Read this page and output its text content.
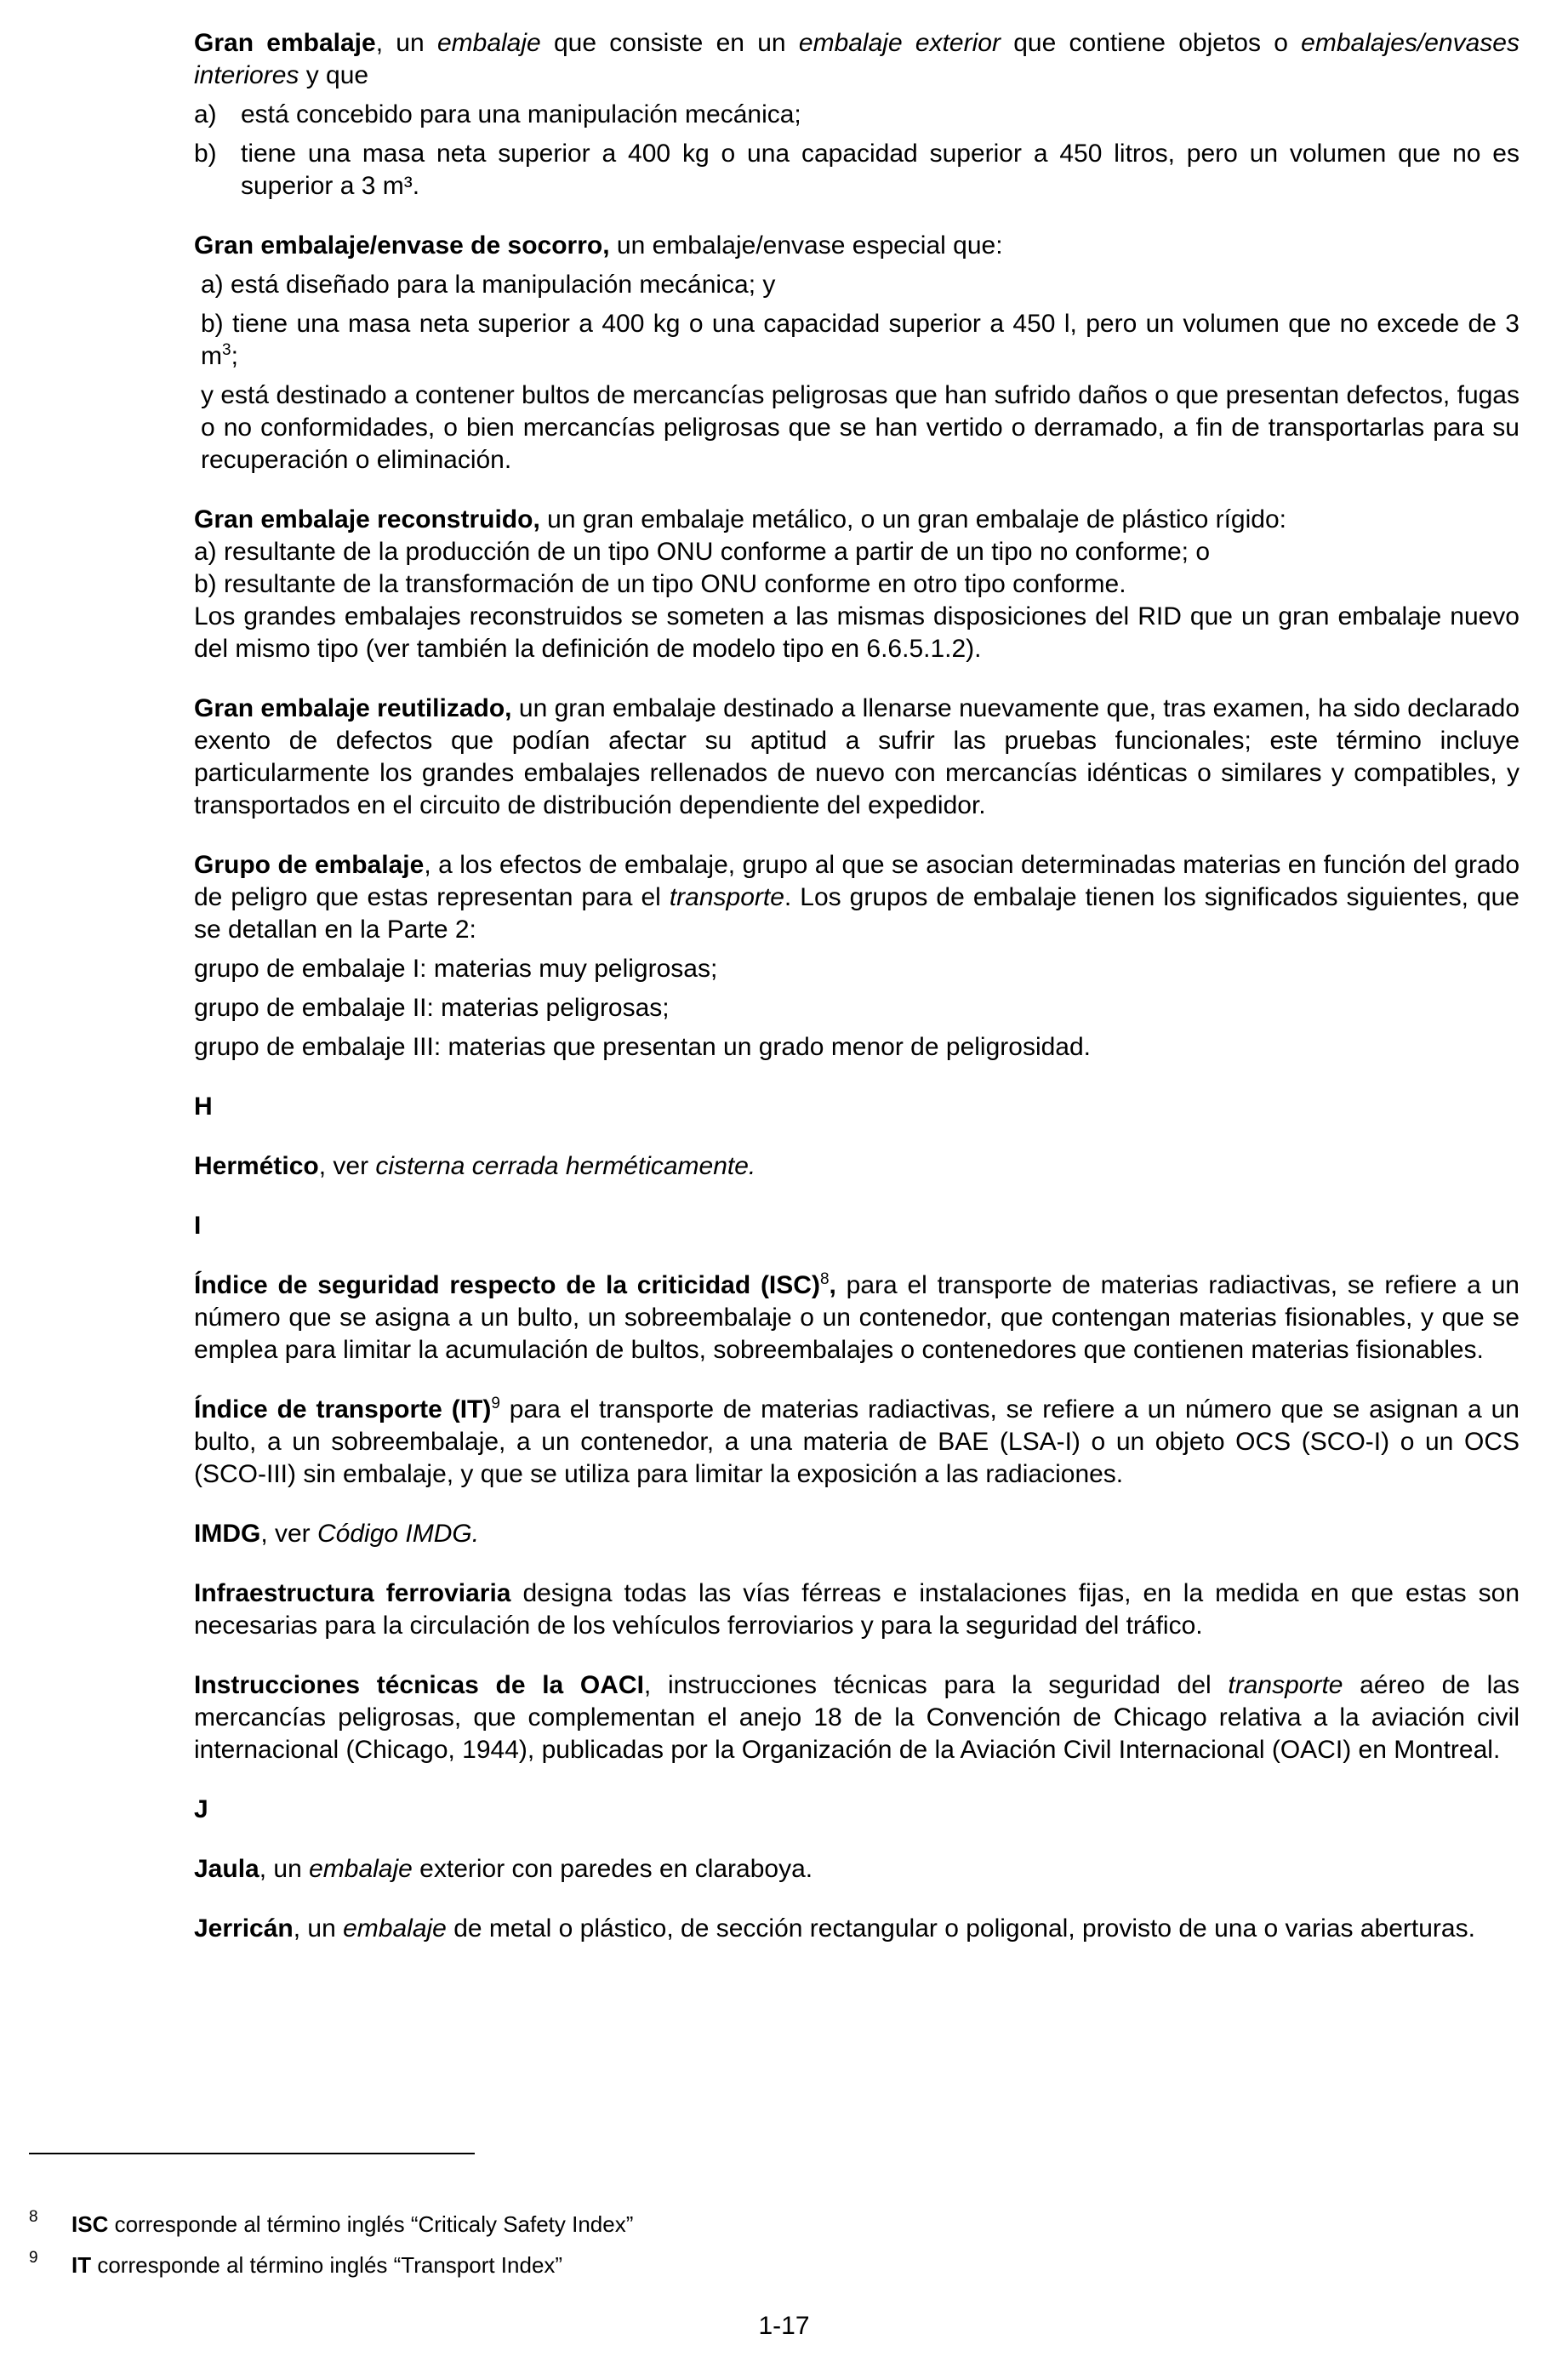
Gran embalaje, un embalaje que consiste en un embalaje exterior que contiene objetos o embalajes/envases interiores y que

a) está concebido para una manipulación mecánica;
b) tiene una masa neta superior a 400 kg o una capacidad superior a 450 litros, pero un volumen que no es superior a 3 m³.

Gran embalaje/envase de socorro, un embalaje/envase especial que:

a) está diseñado para la manipulación mecánica; y

b) tiene una masa neta superior a 400 kg o una capacidad superior a 450 l, pero un volumen que no excede de 3 $m^3$;

y está destinado a contener bultos de mercancías peligrosas que han sufrido daños o que presentan defectos, fugas o no conformidades, o bien mercancías peligrosas que se han vertido o derramado, a fin de transportarlas para su recuperación o eliminación.

Gran embalaje reconstruido, un gran embalaje metálico, o un gran embalaje de plástico rígido:

a) resultante de la producción de un tipo ONU conforme a partir de un tipo no conforme; o

b) resultante de la transformación de un tipo ONU conforme en otro tipo conforme.

Los grandes embalajes reconstruidos se someten a las mismas disposiciones del RID que un gran embalaje nuevo del mismo tipo (ver también la definición de modelo tipo en 6.6.5.1.2).

Gran embalaje reutilizado, un gran embalaje destinado a llenarse nuevamente que, tras examen, ha sido declarado exento de defectos que podían afectar su aptitud a sufrir las pruebas funcionales; este término incluye particularmente los grandes embalajes rellenados de nuevo con mercancías idénticas o similares y compatibles, y transportados en el circuito de distribución dependiente del expedidor.

Grupo de embalaje, a los efectos de embalaje, grupo al que se asocian determinadas materias en función del grado de peligro que estas representan para el transporte. Los grupos de embalaje tienen los significados siguientes, que se detallan en la Parte 2:

grupo de embalaje I: materias muy peligrosas;

grupo de embalaje II: materias peligrosas;

grupo de embalaje III: materias que presentan un grado menor de peligrosidad.

H

Hermético, ver cisterna cerrada herméticamente.

I

Índice de seguridad respecto de la criticidad (ISC)$^8$, para el transporte de materias radiactivas, se refiere a un número que se asigna a un bulto, un sobreembalaje o un contenedor, que contengan materias fisionables, y que se emplea para limitar la acumulación de bultos, sobreembalajes o contenedores que contienen materias fisionables.

Índice de transporte (IT)$^9$ para el transporte de materias radiactivas, se refiere a un número que se asignan a un bulto, a un sobreembalaje, a un contenedor, a una materia de BAE (LSA-I) o un objeto OCS (SCO-I) o un OCS (SCO-III) sin embalaje, y que se utiliza para limitar la exposición a las radiaciones.

IMDG, ver Código IMDG.

Infraestructura ferroviaria designa todas las vías férreas e instalaciones fijas, en la medida en que estas son necesarias para la circulación de los vehículos ferroviarios y para la seguridad del tráfico.

Instrucciones técnicas de la OACI, instrucciones técnicas para la seguridad del transporte aéreo de las mercancías peligrosas, que complementan el anejo 18 de la Convención de Chicago relativa a la aviación civil internacional (Chicago, 1944), publicadas por la Organización de la Aviación Civil Internacional (OACI) en Montreal.

J

Jaula, un embalaje exterior con paredes en claraboya.

Jerricán, un embalaje de metal o plástico, de sección rectangular o poligonal, provisto de una o varias aberturas.

8 ISC corresponde al término inglés “Criticaly Safety Index”
9 IT corresponde al término inglés “Transport Index”
1-17
